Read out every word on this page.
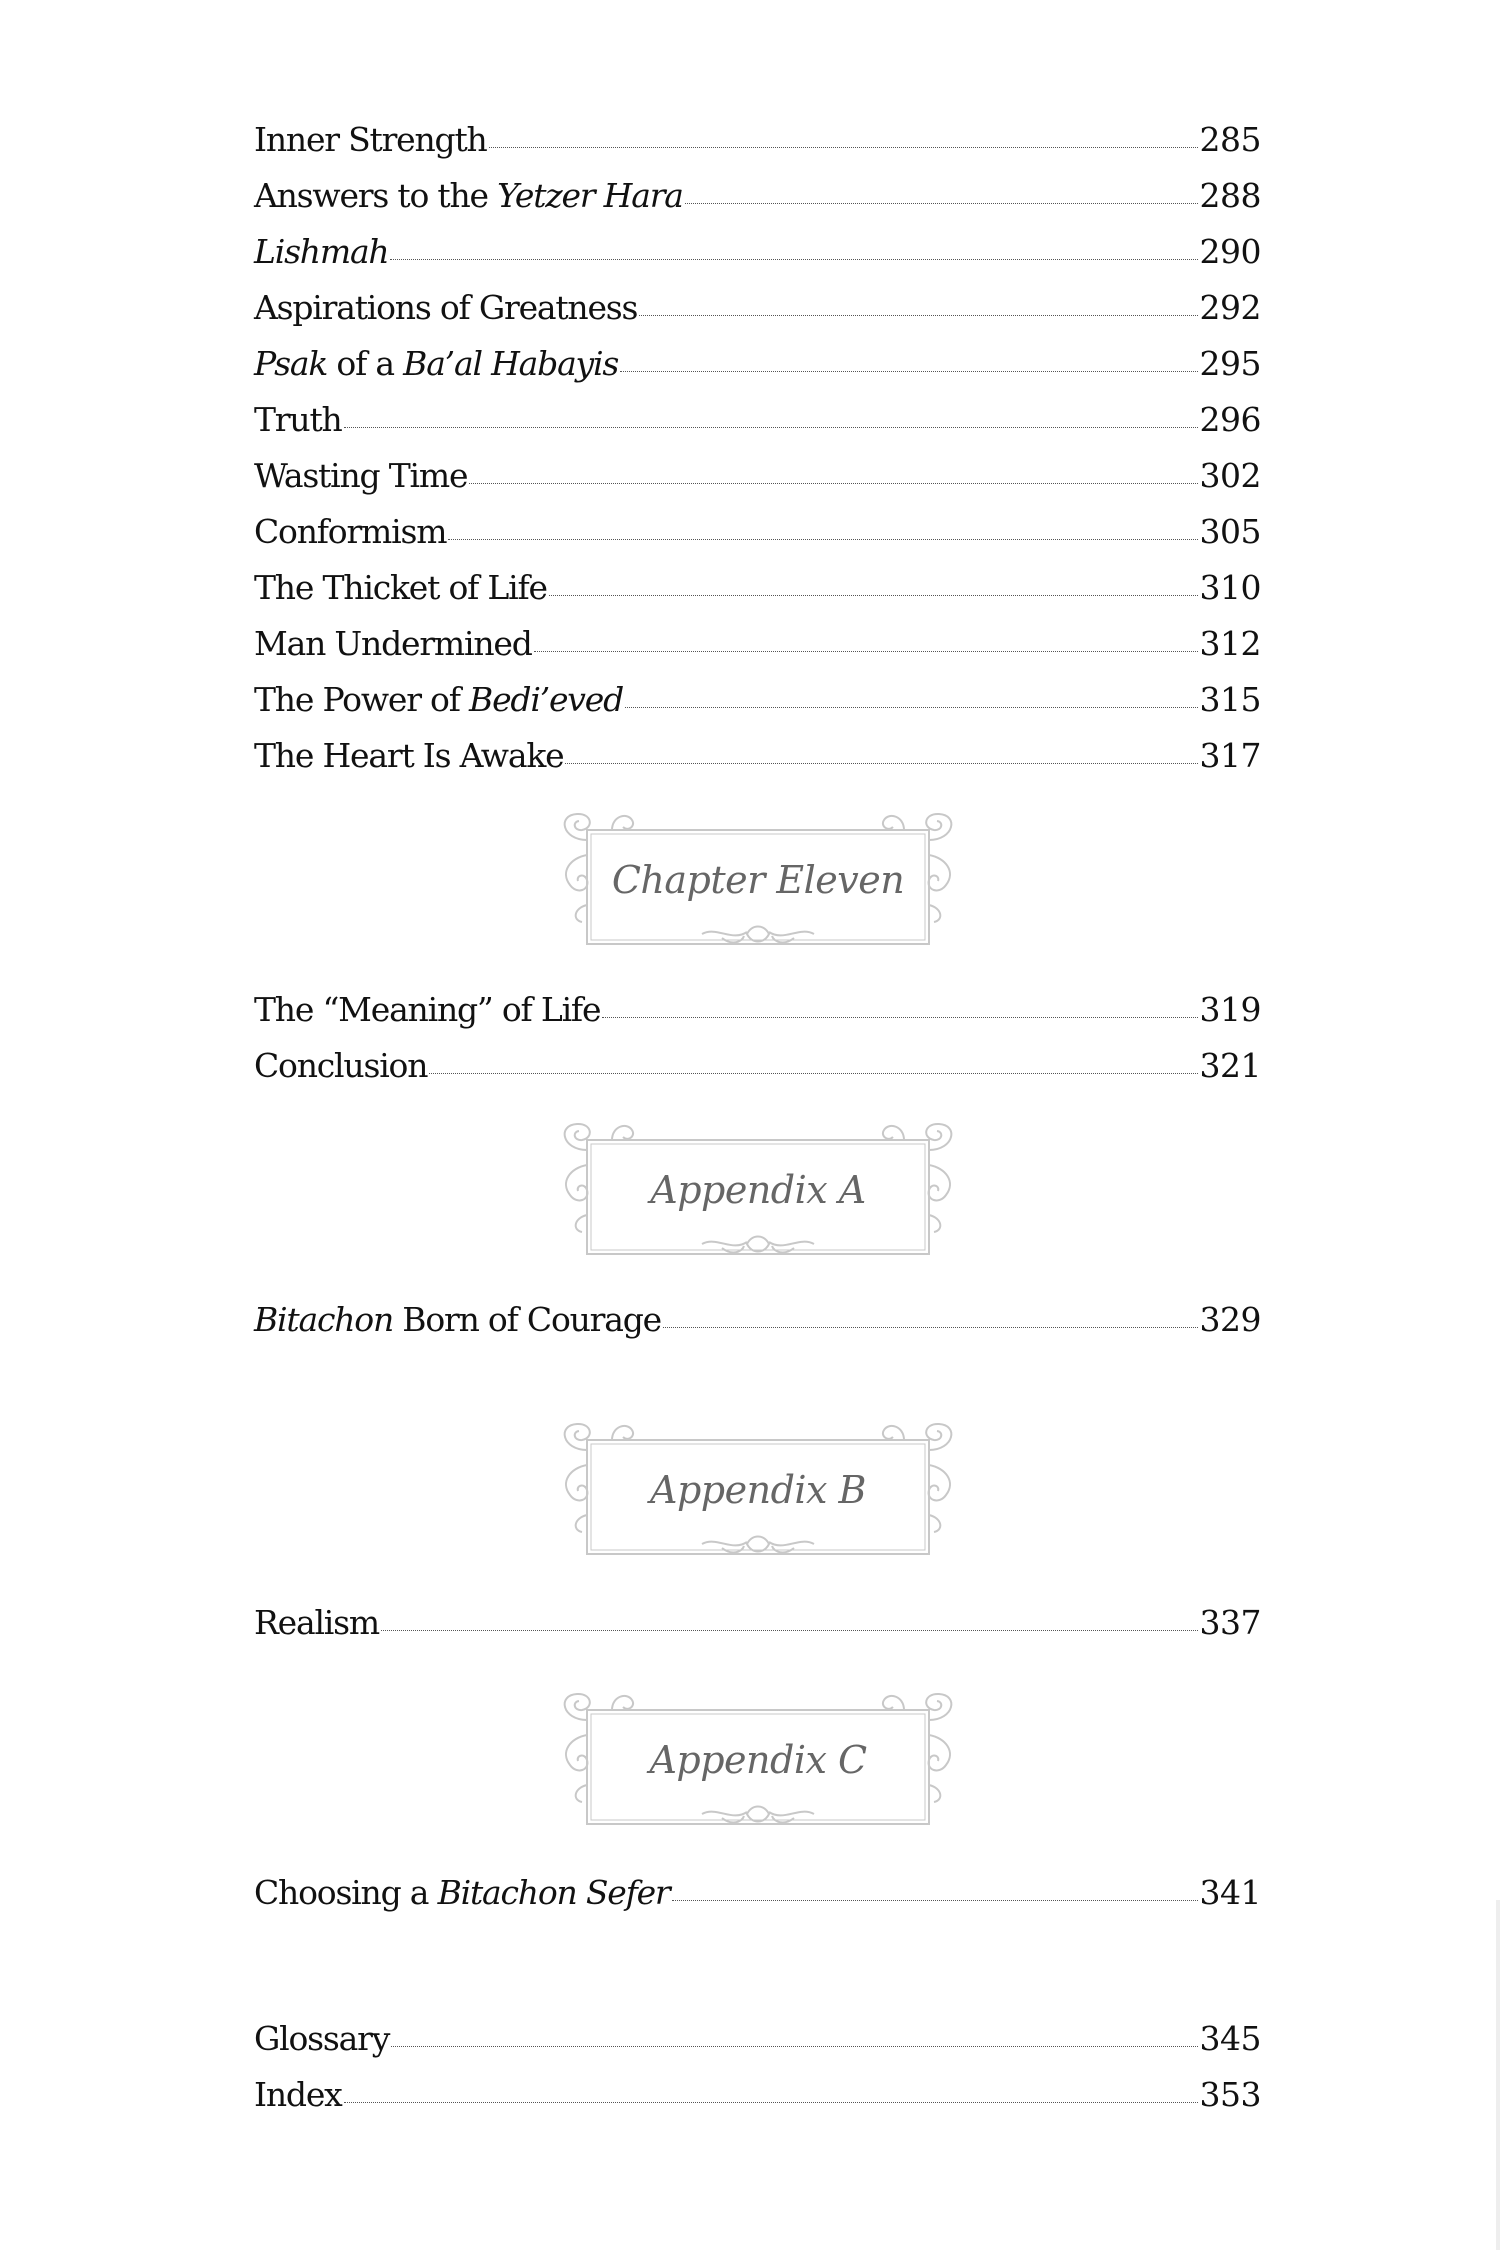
Inner Strength	285
Answers to the Yetzer Hara	288
Lishmah	290
Aspirations of Greatness	292
Psak of a Ba’al Habayis	295
Truth	296
Wasting Time	302
Conformism	305
The Thicket of Life	310
Man Undermined	312
The Power of Bedi’eved	315
The Heart Is Awake	317
Chapter Eleven
The “Meaning” of Life	319
Conclusion	321
Appendix A
Bitachon Born of Courage	329
Appendix B
Realism	337
Appendix C
Choosing a Bitachon Sefer	341
Glossary	345
Index	353
